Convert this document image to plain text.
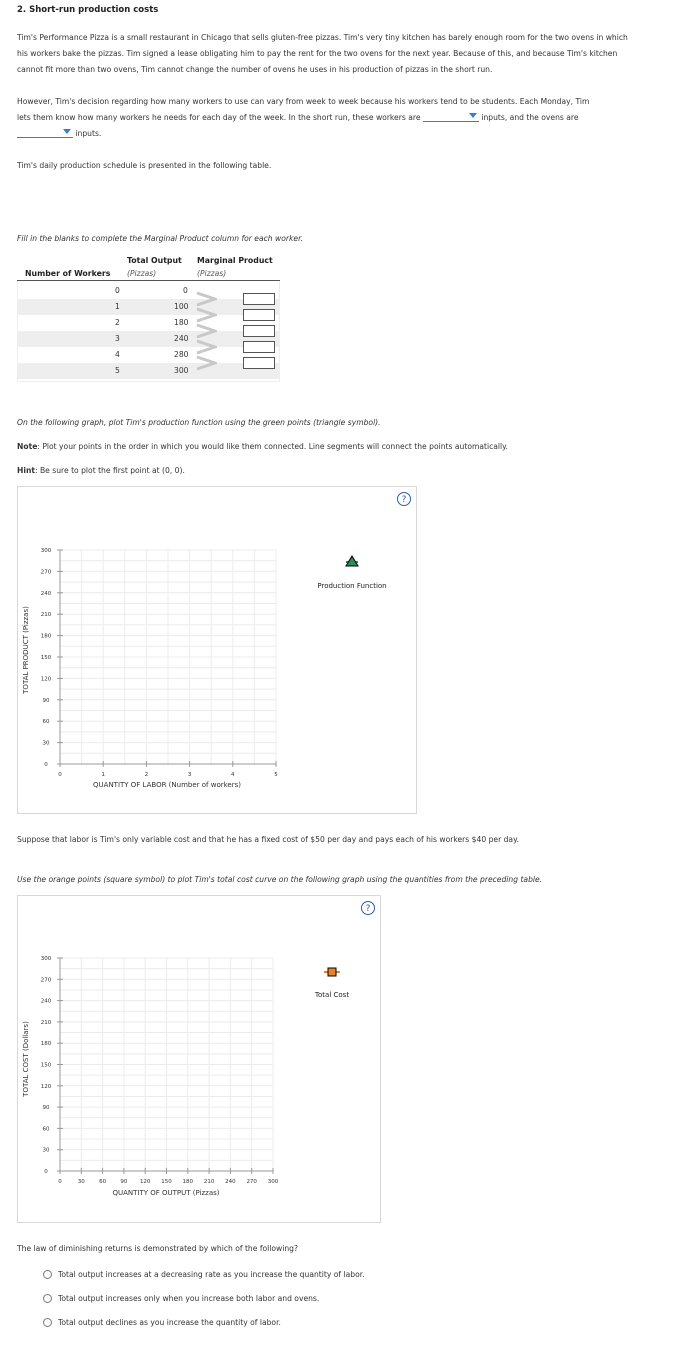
2. Short-run production costs
Tim's Performance Pizza is a small restaurant in Chicago that sells gluten-free pizzas. Tim's very tiny kitchen has barely enough room for the two ovens in which his workers bake the pizzas. Tim signed a lease obligating him to pay the rent for the two ovens for the next year. Because of this, and because Tim's kitchen cannot fit more than two ovens, Tim cannot change the number of ovens he uses in his production of pizzas in the short run.
However, Tim's decision regarding how many workers to use can vary from week to week because his workers tend to be students. Each Monday, Tim
lets them know how many workers he needs for each day of the week. In the short run, these workers are	inputs, and the ovens are

inputs.
Tim's daily production schedule is presented in the following table.
Fill in the blanks to complete the Marginal Product column for each worker.
Number of Workers
Total Output
(Pizzas)
Marginal Product
(Pizzas)
0	0
1	100
2	180
3	240
4	280
5	300
On the following graph, plot Tim's production function using the green points (triangle symbol).
Note: Plot your points in the order in which you would like them connected. Line segments will connect the points automatically.
Hint: Be sure to plot the first point at (0, 0).
?
0
30
60
90
120
150
180
210
240
270
300
0	1	2	3	4	5
TOTAL PRODUCT (Pizzas)
QUANTITY OF LABOR (Number of workers)
Production Function
Suppose that labor is Tim's only variable cost and that he has a fixed cost of $50 per day and pays each of his workers $40 per day.
Use the orange points (square symbol) to plot Tim's total cost curve on the following graph using the quantities from the preceding table.
?
0
30
60
90
120
150
180
210
240
270
300
0	30	60	90 120 150 180 210 240 270 300
TOTAL COST (Dollars)
QUANTITY OF OUTPUT (Pizzas)
Total Cost
The law of diminishing returns is demonstrated by which of the following?
Total output increases at a decreasing rate as you increase the quantity of labor.
Total output increases only when you increase both labor and ovens.
Total output declines as you increase the quantity of labor.
